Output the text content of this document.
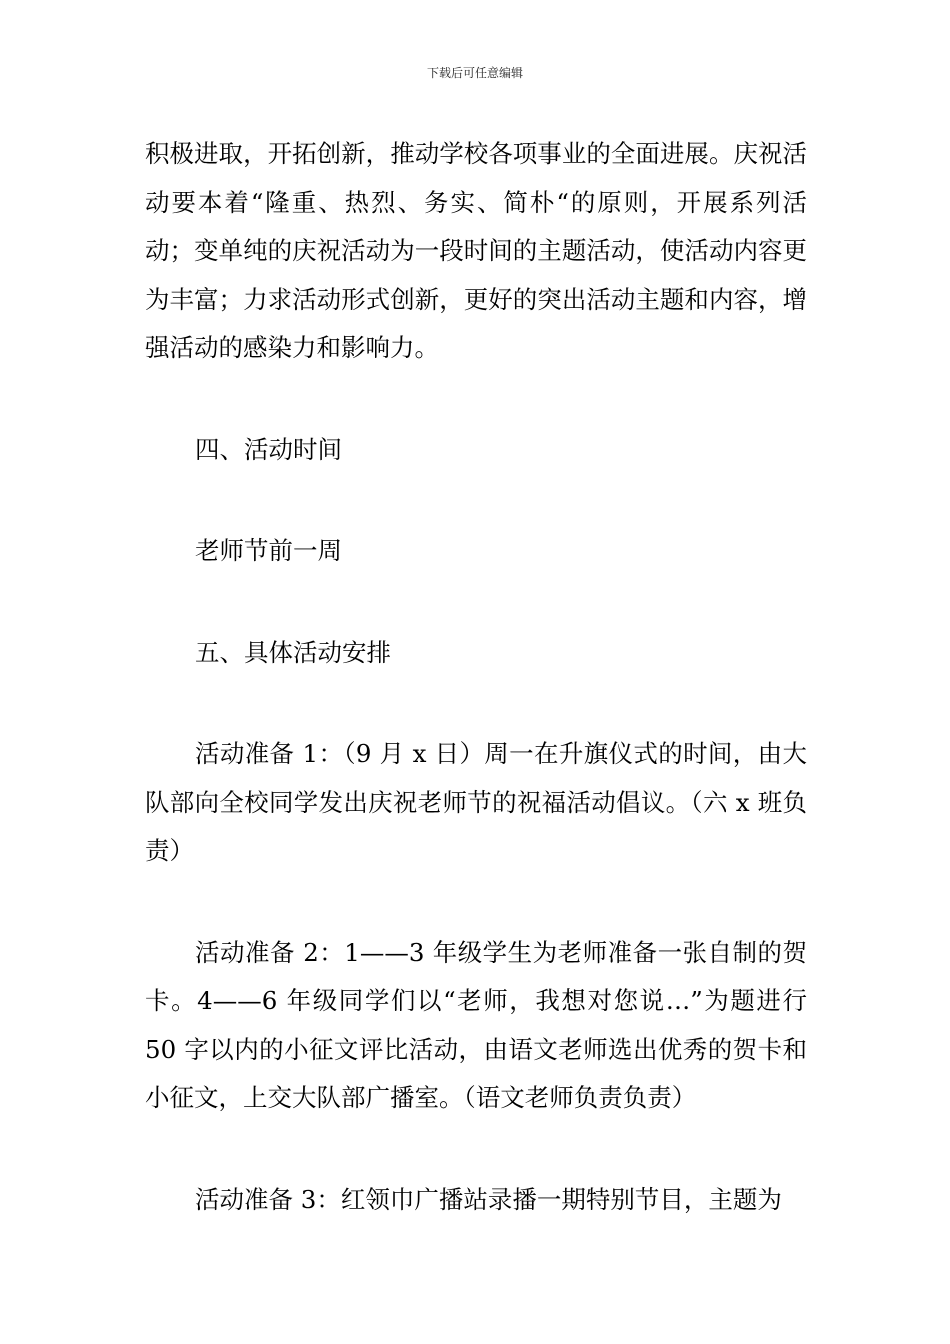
下载后可任意编辑

积极进取，开拓创新，推动学校各项事业的全面进展。庆祝活动要本着“隆重、热烈、务实、简朴“的原则，开展系列活动；变单纯的庆祝活动为一段时间的主题活动，使活动内容更为丰富；力求活动形式创新，更好的突出活动主题和内容，增强活动的感染力和影响力。

四、活动时间

老师节前一周

五、具体活动安排

活动准备 1：（9 月 x 日）周一在升旗仪式的时间，由大队部向全校同学发出庆祝老师节的祝福活动倡议。（六 x 班负责）

活动准备 2：1——3 年级学生为老师准备一张自制的贺卡。4——6 年级同学们以“老师，我想对您说…”为题进行 50 字以内的小征文评比活动，由语文老师选出优秀的贺卡和小征文，上交大队部广播室。（语文老师负责负责）

活动准备 3：红领巾广播站录播一期特别节目，主题为
